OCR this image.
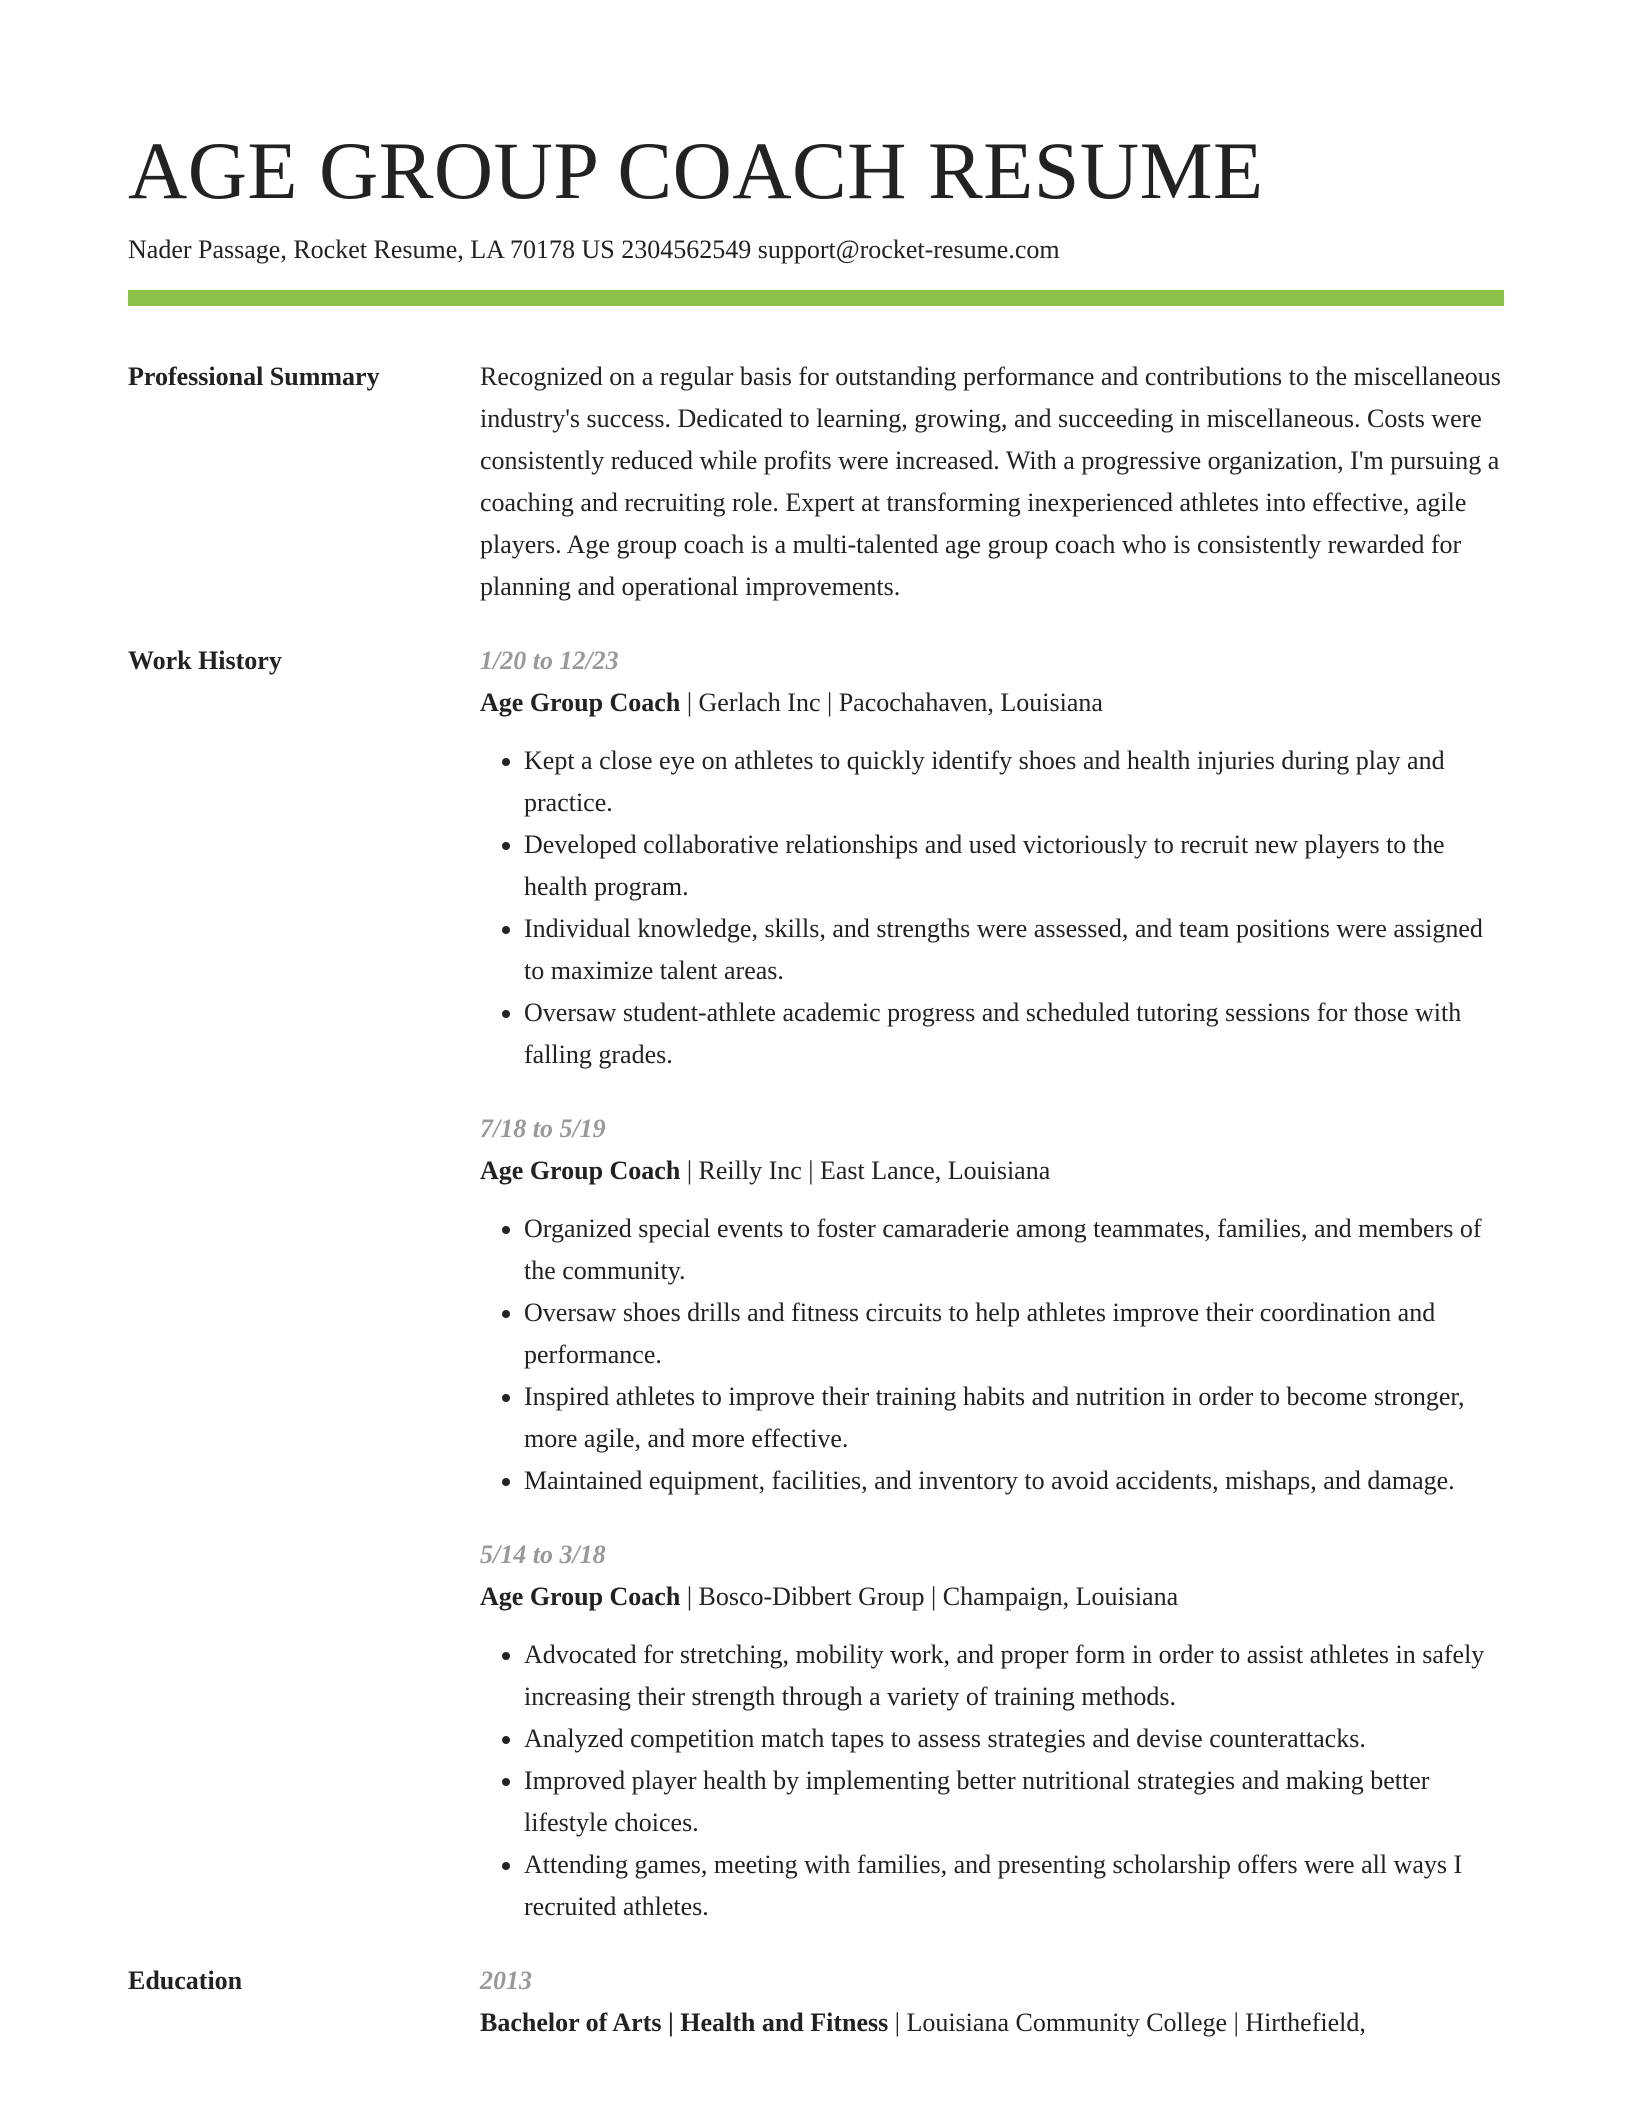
AGE GROUP COACH RESUME
Nader Passage, Rocket Resume, LA 70178 US 2304562549 support@rocket-resume.com
Professional Summary	Recognized on a regular basis for outstanding performance and contributions to the miscellaneous industry's success. Dedicated to learning, growing, and succeeding in miscellaneous. Costs were consistently reduced while profits were increased. With a progressive organization, I'm pursuing a coaching and recruiting role. Expert at transforming inexperienced athletes into effective, agile players. Age group coach is a multi-talented age group coach who is consistently rewarded for planning and operational improvements.
Work History	1/20 to 12/23
Age Group Coach | Gerlach Inc | Pacochahaven, Louisiana
• Kept a close eye on athletes to quickly identify shoes and health injuries during play and practice.
• Developed collaborative relationships and used victoriously to recruit new players to the health program.
• Individual knowledge, skills, and strengths were assessed, and team positions were assigned to maximize talent areas.
• Oversaw student-athlete academic progress and scheduled tutoring sessions for those with falling grades.
7/18 to 5/19
Age Group Coach | Reilly Inc | East Lance, Louisiana
• Organized special events to foster camaraderie among teammates, families, and members of the community.
• Oversaw shoes drills and fitness circuits to help athletes improve their coordination and performance.
• Inspired athletes to improve their training habits and nutrition in order to become stronger, more agile, and more effective.
• Maintained equipment, facilities, and inventory to avoid accidents, mishaps, and damage.
5/14 to 3/18
Age Group Coach | Bosco-Dibbert Group | Champaign, Louisiana
• Advocated for stretching, mobility work, and proper form in order to assist athletes in safely increasing their strength through a variety of training methods.
• Analyzed competition match tapes to assess strategies and devise counterattacks.
• Improved player health by implementing better nutritional strategies and making better lifestyle choices.
• Attending games, meeting with families, and presenting scholarship offers were all ways I recruited athletes.
Education	2013
Bachelor of Arts | Health and Fitness | Louisiana Community College | Hirthefield,
